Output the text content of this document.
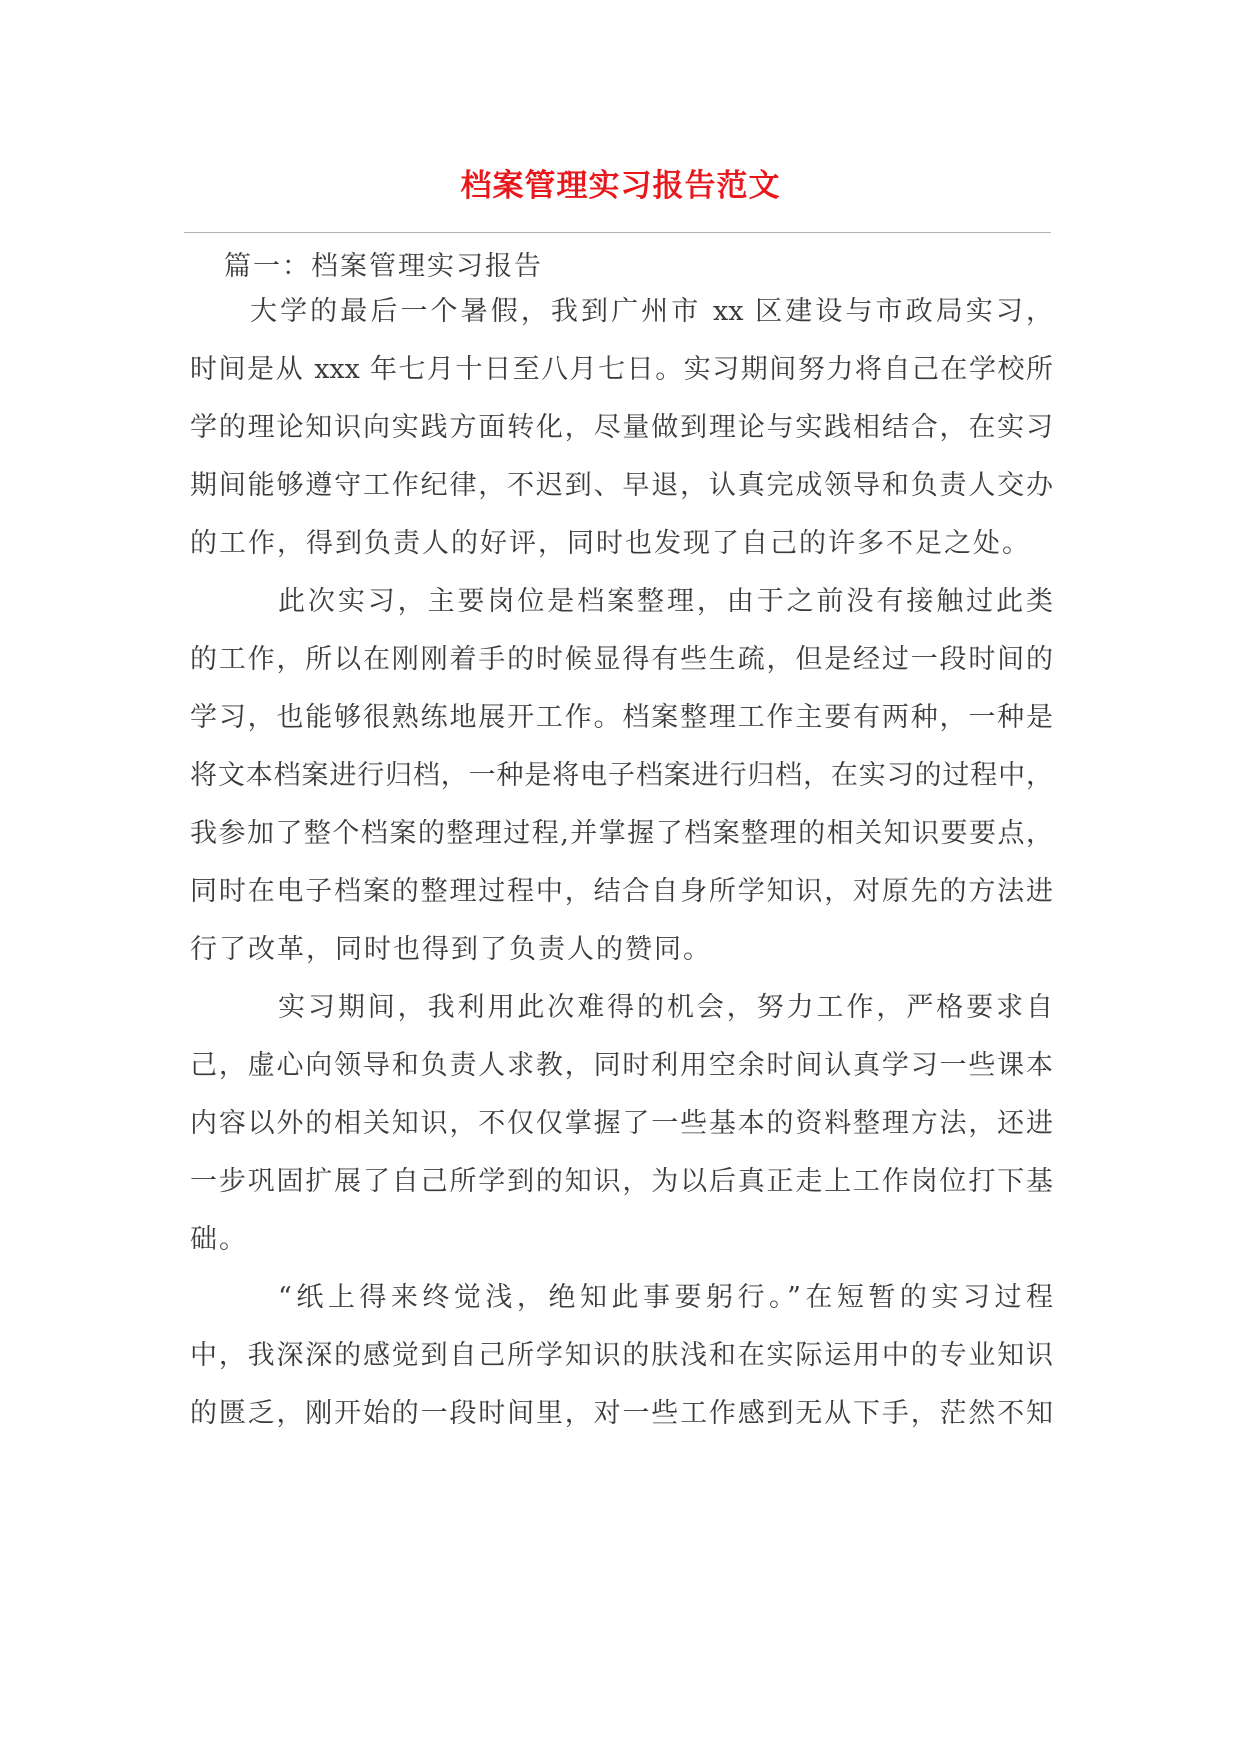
档案管理实习报告范文
篇一：档案管理实习报告
大学的最后一个暑假，我到广州市 xx 区建设与市政局实习，
时间是从 xxx 年七月十日至八月七日。实习期间努力将自己在学校所
学的理论知识向实践方面转化，尽量做到理论与实践相结合，在实习
期间能够遵守工作纪律，不迟到、早退，认真完成领导和负责人交办
的工作，得到负责人的好评，同时也发现了自己的许多不足之处。
此次实习，主要岗位是档案整理，由于之前没有接触过此类
的工作，所以在刚刚着手的时候显得有些生疏，但是经过一段时间的
学习，也能够很熟练地展开工作。档案整理工作主要有两种，一种是
将文本档案进行归档，一种是将电子档案进行归档，在实习的过程中，
我参加了整个档案的整理过程,并掌握了档案整理的相关知识要要点，
同时在电子档案的整理过程中，结合自身所学知识，对原先的方法进
行了改革，同时也得到了负责人的赞同。
实习期间，我利用此次难得的机会，努力工作，严格要求自
己，虚心向领导和负责人求教，同时利用空余时间认真学习一些课本
内容以外的相关知识，不仅仅掌握了一些基本的资料整理方法，还进
一步巩固扩展了自己所学到的知识，为以后真正走上工作岗位打下基
础。
“纸上得来终觉浅，绝知此事要躬行。”在短暂的实习过程
中，我深深的感觉到自己所学知识的肤浅和在实际运用中的专业知识
的匮乏，刚开始的一段时间里，对一些工作感到无从下手，茫然不知
